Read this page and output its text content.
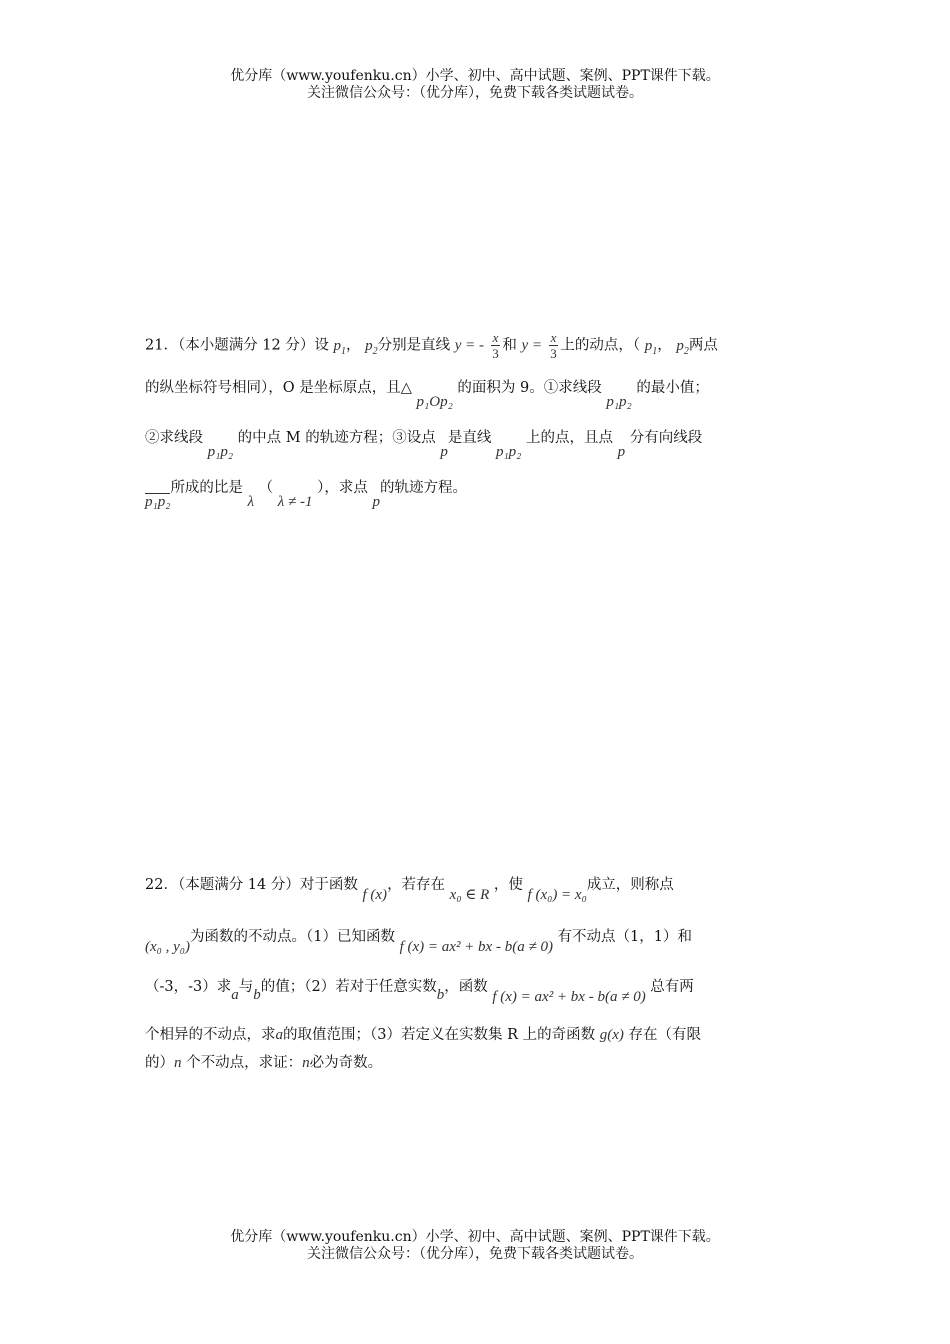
优分库（www.youfenku.cn）小学、初中、高中试题、案例、PPT课件下载。
关注微信公众号：（优分库），免费下载各类试题试卷。
21．（本小题满分 12 分）设 $p_1$， $p_2$分别是直线 y = - $\frac{x}{3}$ 和 $y = \frac{x}{3}$ 上的动点，（ $p_1$， $p_2$两点
的纵坐标符号相同），O 是坐标原点，且△ p₁Op₂ 的面积为 9。①求线段 p₁p₂ 的最小值；
②求线段 p₁p₂ 的中点 M 的轨迹方程；③设点 p是直线 p₁p₂ 上的点，且点 p 分有向线段
p₁p₂所成的比是 λ （ λ ≠ -1 ），求点 p的轨迹方程。
22．（本题满分 14 分）对于函数 f (x)，若存在 x₀ ∈ R ，使 f (x₀) = x₀成立，则称点
(x₀ , y₀)为函数的不动点。（1）已知函数 f (x) = ax² + bx - b(a ≠ 0) 有不动点（1，1）和
（-3，-3）求a与b的值；（2）若对于任意实数b，函数 f (x) = ax² + bx - b(a ≠ 0) 总有两
个相异的不动点，求a的取值范围；（3）若定义在实数集 R 上的奇函数 g(x) 存在（有限
的）n 个不动点，求证：n必为奇数。
优分库（www.youfenku.cn）小学、初中、高中试题、案例、PPT课件下载。
关注微信公众号：（优分库），免费下载各类试题试卷。
